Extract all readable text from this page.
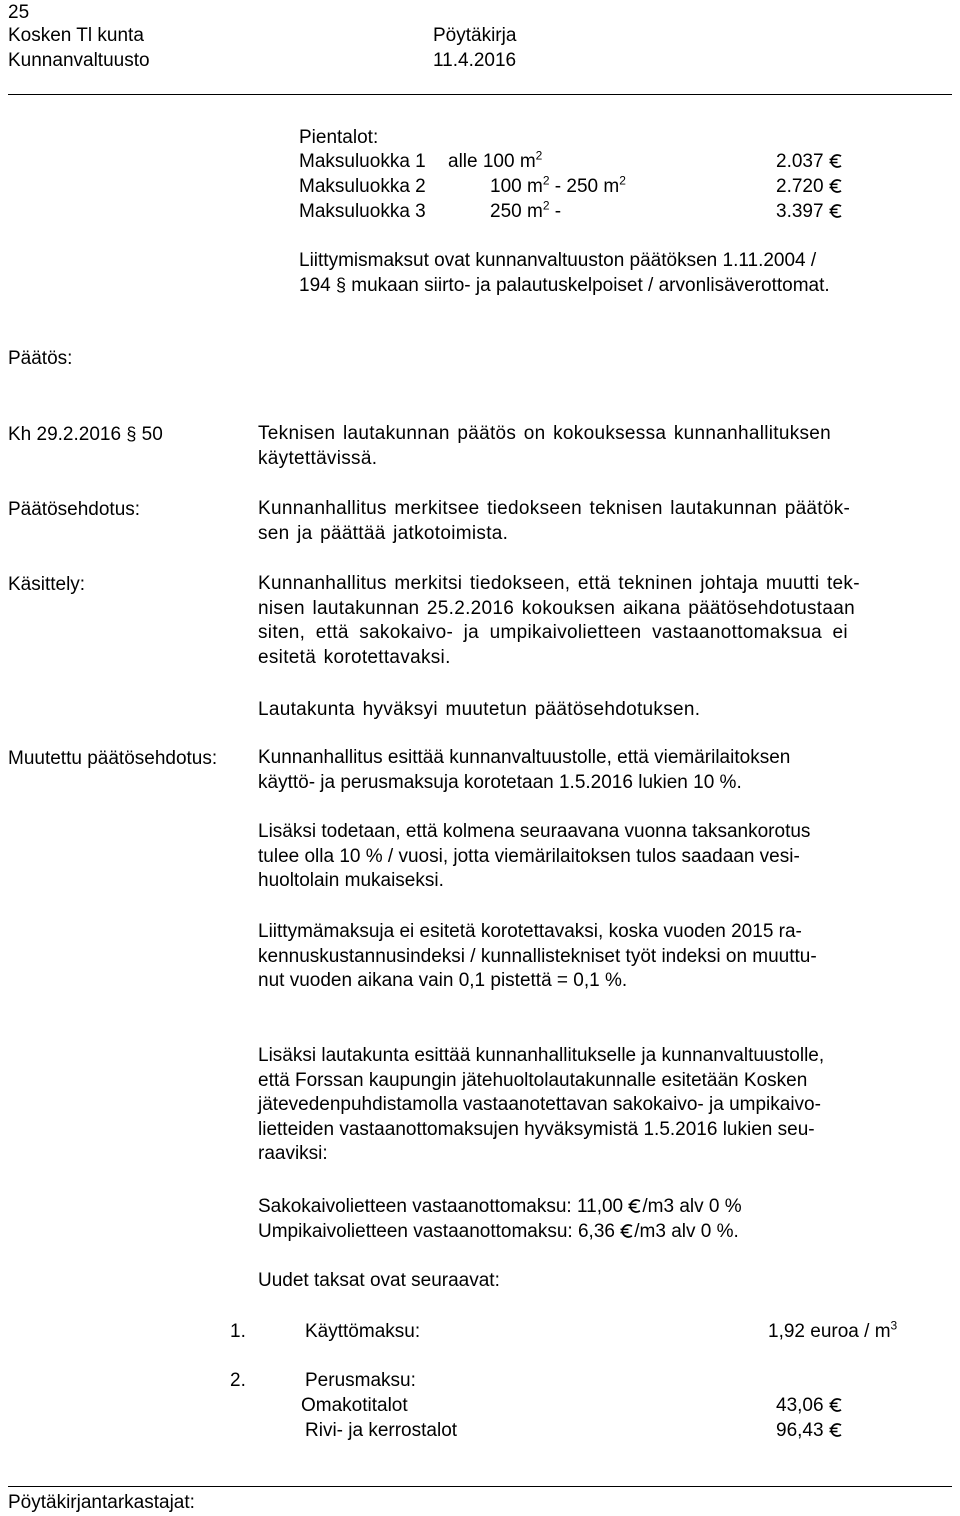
25
Kosken Tl kunta	Pöytäkirja
Kunnanvaltuusto	11.4.2016
Pientalot:
Maksuluokka 1 alle 100 $m^2$	2.037
Maksuluokka 2	100 $m^2 - 250$ $m^2$	2.720
Maksuluokka 3	250 $m^2$ -	3.397
Liittymismaksut ovat kunnanvaltuuston päätöksen 1.11.2004 /
194 § mukaan siirto- ja palautuskelpoiset / arvonlisäverottomat.
Päätös:
Kh 29.2.2016 § 50	Teknisen lautakunnan päätös on kokouksessa kunnanhallituksen
käytettävissä.
Päätösehdotus:	Kunnanhallitus merkitsee tiedokseen teknisen lautakunnan päätök-
sen ja päättää jatkotoimista.
Käsittely:	Kunnanhallitus merkitsi tiedokseen, että tekninen johtaja muutti tek-
nisen lautakunnan 25.2.2016 kokouksen aikana päätösehdotustaan
siten, että sakokaivo- ja umpikaivolietteen vastaanottomaksua ei
esitetä korotettavaksi.
Lautakunta hyväksyi muutetun päätösehdotuksen.
Muutettu päätösehdotus: Kunnanhallitus esittää kunnanvaltuustolle, että viemärilaitoksen
käyttö- ja perusmaksuja korotetaan 1.5.2016 lukien 10 %.
Lisäksi todetaan, että kolmena seuraavana vuonna taksankorotus
tulee olla 10 % / vuosi, jotta viemärilaitoksen tulos saadaan vesi-
huoltolain mukaiseksi.
Liittymämaksuja ei esitetä korotettavaksi, koska vuoden 2015 ra-
kennuskustannusindeksi / kunnallistekniset työt indeksi on muuttu-
nut vuoden aikana vain 0,1 pistettä = 0,1 %.
Lisäksi lautakunta esittää kunnanhallitukselle ja kunnanvaltuustolle,
että Forssan kaupungin jätehuoltolautakunnalle esitetään Kosken
jätevedenpuhdistamolla vastaanotettavan sakokaivo- ja umpikaivo-
lietteiden vastaanottomaksujen hyväksymistä 1.5.2016 lukien seu-
raaviksi:
Sakokaivolietteen vastaanottomaksu: 11,00 /m3 alv 0 %
Umpikaivolietteen vastaanottomaksu: 6,36 /m3 alv 0 %.
Uudet taksat ovat seuraavat:
1.	Käyttömaksu:	1,92 euroa / $m^3$
2.	Perusmaksu:
Omakotitalot	43,06
Rivi- ja kerrostalot	96,43
Pöytäkirjantarkastajat:
